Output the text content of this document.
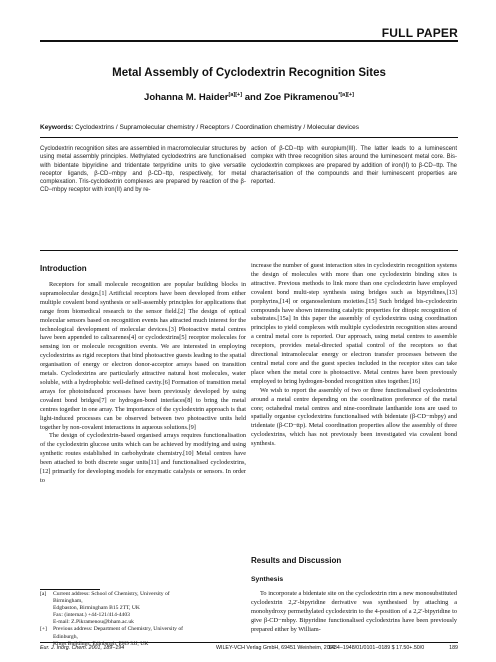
FULL PAPER
Metal Assembly of Cyclodextrin Recognition Sites
Johanna M. Haider[a][+] and Zoe Pikramenou$^{*[a][+]}$
Keywords: Cyclodextrins / Supramolecular chemistry / Receptors / Coordination chemistry / Molecular devices
Cyclodextrin recognition sites are assembled in macromolecular structures by using metal assembly principles. Methylated cyclodextrins are functionalised with bidentate bipyridine and tridentate terpyridine units to give versatile receptor ligands, β-CD−mbpy and β-CD−ttp, respectively, for metal complexation. Tris-cyclodextrin complexes are prepared by reaction of the β-CD−mbpy receptor with iron(II) and by re-
action of β-CD−ttp with europium(III). The latter leads to a luminescent complex with three recognition sites around the luminescent metal core. Bis-cyclodextrin complexes are prepared by addition of iron(II) to β-CD−ttp. The characterisation of the compounds and their luminescent properties are reported.
Introduction

Receptors for small molecule recognition are popular building blocks in supramolecular design.[1] Artificial receptors have been developed from either multiple covalent bond synthesis or self-assembly principles for applications that range from biomedical research to the sensor field.[2] The design of optical molecular sensors based on recognition events has attracted much interest for the technological development of molecular devices.[3] Photoactive metal centres have been appended to calixarenes[4] or cyclodextrins[5] receptor molecules for sensing ion or molecule recognition events. We are interested in employing cyclodextrins as rigid receptors that bind photoactive guests leading to the spatial organisation of energy or electron donor-acceptor arrays based on transition metals. Cyclodextrins are particularly attractive natural host molecules, water soluble, with a hydrophobic well-defined cavity.[6] Formation of transition metal arrays for photoinduced processes have been previously developed by using covalent bond bridges[7] or hydrogen-bond interfaces[8] to bring the metal centres together in one array. The importance of the cyclodextrin approach is that light-induced processes can be observed between two photoactive units held together by non-covalent interactions in aqueous solutions.[9]

The design of cyclodextrin-based organised arrays requires functionalisation of the cyclodextrin glucose units which can be achieved by modifying and using synthetic routes established in carbohydrate chemistry.[10] Metal centres have been attached to both discrete sugar units[11] and functionalised cyclodextrins,[12] primarily for developing models for enzymatic catalysis or sensors. In order to

increase the number of guest interaction sites in cyclodextrin recognition systems the design of molecules with more than one cyclodextrin binding sites is attractive. Previous methods to link more than one cyclodextrin have employed covalent bond multi-step synthesis using bridges such as bipyridines,[13] porphyrins,[14] or organoselenium moieties.[15] Such bridged bis-cyclodextrin compounds have shown interesting catalytic properties for ditopic recognition of substrates.[15a] In this paper the assembly of cyclodextrins using coordination principles to yield complexes with multiple cyclodextrin recognition sites around a central metal core is reported. Our approach, using metal centres to assemble receptors, provides metal-directed spatial control of the receptors so that directional intramolecular energy or electron transfer processes between the central metal core and the guest species included in the receptor sites can take place when the metal core is photoactive. Metal centres have been previously employed to bring hydrogen-bonded recognition sites together.[16]

We wish to report the assembly of two or three functionalised cyclodextrins around a metal centre depending on the coordination preference of the metal core; octahedral metal centres and nine-coordinate lanthanide ions are used to spatially organise cyclodextrins functionalised with bidentate (β-CD−mbpy) and tridentate (β-CD−ttp). Metal coordination properties allow the assembly of three cyclodextrins, which has not previously been investigated via covalent bond synthesis.

Results and Discussion
Synthesis

To incorporate a bidentate site on the cyclodextrin rim a new monosubstituted cyclodextrin 2,2′-bipyridine derivative was synthesised by attaching a monohydroxy permethylated cyclodextrin to the 4-position of a 2,2′-bipyridine to give β-CD−mbpy. Bipyridine functionalised cyclodextrins have been previously prepared either by William-

[a]	Current address: School of Chemistry, University of
Birmingham,
Edgbaston, Birmingham B15 2TT, UK
Fax: (internat.) +44-121/414-4403
E-mail: Z.Pikramenou@bham.ac.uk
[+]	Previous address: Department of Chemistry, University of
Edinburgh,
Kings Buildings, Edinburgh, EH9 3JJ, UK
Eur. J. Inorg. Chem. 2001, 189−194	WILEY-VCH Verlag GmbH, 69451 Weinheim, 2001
1434−1948/01/0101−0189 $ 17.50+.50/0	189
